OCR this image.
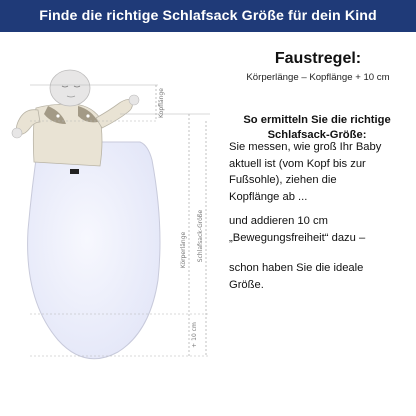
Finde die richtige Schlafsack Größe für dein Kind
Kopflänge
Körperlänge Schlafsack-Größe
+ 10 cm
Faustregel:
Körperlänge – Kopflänge + 10 cm
So ermitteln Sie die richtige
Schlafsack-Größe:
Sie messen, wie groß Ihr Baby
aktuell ist (vom Kopf bis zur
Fußsohle), ziehen die
Kopflänge ab ...
und addieren 10 cm
„Bewegungsfreiheit“ dazu –
schon haben Sie die ideale
Größe.
